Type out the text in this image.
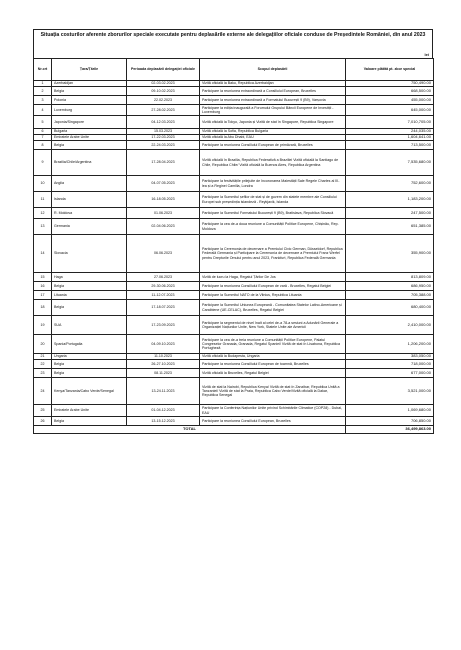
Situația costurilor aferente zborurilor speciale executate pentru deplasările externe ale delegațiilor oficiale conduse de Președintele României, din anul 2023
lei
Nr.crt	Țara/Țările	Perioada deplasării delegației oficiale	Scopul deplasării	Valoare plătită pt. zbor special
1	Azerbaidjan	02-03.02.2023	Vizită oficială la Baku, Republica Azerbaidjan	750,490.00
2	Belgia	09-10.02.2023	Participare la reuniunea extraordinară a Consiliului European, Bruxelles	668,500.00
3	Polonia	22.02.2023	Participare la reuniunea extraordinară a Formatului București 9 (B9), Varșovia	455,000.00
4	Luxemburg	27-28.02.2023	Participare la ediția inaugurală a Forumului Grupului Băncii Europene de Investiții - Luxemburg	645,000.00
5	Japonia/Singapore	04-12.03.2023	Vizită oficială la Tokyo, Japonia și Vizită de stat în Singapore, Republica Singapore	7,010,705.00
6	Bulgaria	15.03.2023	Vizită oficială la Sofia, Republica Bulgaria	244,035.00
7	Emiratele Arabe Unite	17-22.03.2023	Vizită oficială la Abu Dhabi, EAU	1,604,641.00
8	Belgia	22-24.03.2023	Participare la reuniunea Consiliului European de primăvară, Bruxelles	713,500.00
9	Brazilia/Chile/Argentina	17-28.04.2023	Vizită oficială în Brazilia, Republica Federativă a Braziliei Vizită oficială la Santiago de Chile, Republica Chile/ Vizită oficială la Buenos Aires, Republica Argentina	7,535,680.00
10	Anglia	04-07.05.2023	Participare la festivitățile prilejuite de încoronarea Maiestății Sale Regele Charles al III-lea și a Reginei Camilla, Londra	752,600.00
11	Islanda	16-18.05.2023	Participare la Summitul șefilor de stat și de guvern din statele membre ale Consiliului Europei sub președinția islandeză - Reykjavik, Islanda	1,183,200.00
12	R. Moldova	01.06.2023	Participare la Summitul Formatului București 9 (B9), Bratislava, Republica Slovacă	247,500.00
13	Germania	02-04.06.2023	Participare la cea de-a doua reuniune a Comunității Politice Europene, Chișinău, Rep. Moldova	651,385.00
14	Slovacia	06.06.2023	Participare la Ceremonia de decernare a Premiului Civic German, Düsseldorf, Republica Federală Germania și Participare la Ceremonia de decernare a Premiului Franz Werfel pentru Drepturile Omului pentru anul 2023, Frankfurt, Republica Federală Germania	355,900.00
15	Haga	27.06.2023	Vizită de lucru la Haga, Regatul Țărilor De Jos	813,809.00
16	Belgia	29-30.06.2023	Participare la reuniunea Consiliului European de vară - Bruxelles, Regatul Belgiei	686,950.00
17	Lituania	11-12.07.2023	Participare la Summitul NATO de la Vilnius, Republica Lituania	705,388.00
18	Belgia	17-18.07.2023	Participare la Summitul Uniunea Europeană - Comunitatea Statelor Latino-Americane și Caraibiene (UE-CELAC), Bruxelles, Regatul Belgiei	680,400.00
19	SUA	17-23.09.2023	Participare la segmentul de nivel înalt al celei de-a 78-a sesiuni a Adunării Generale a Organizației Națiunilor Unite, New York, Statele Unite ale Americii	2,410,000.00
20	Spania/Portugalia	04-09.10.2023	Participare la cea de-a treia reuniune a Comunității Politice Europene, Palatul Congreselor Granada, Granada, Regatul Spaniei/ Vizită de stat în Lisabona, Republica Portugheză	1,206,200.00
21	Ungaria	11.10.2023	Vizită oficială la Budapesta, Ungaria	383,050.00
22	Belgia	26-27.10.2023	Participare la reuniunea Consiliului European de toamnă, Bruxelles	718,000.00
23	Belgia	08.11.2023	Vizită oficială la Bruxelles, Regatul Belgiei	677,000.00
24	Kenya/Tanzania/Cabo Verde/Senegal	13-24.11.2023	Vizită de stat la Nairobi, Republica Kenya/ Vizită de stat în Zanzibar, Republica Unită a Tanzaniei/ Vizită de stat la Praia, Republica Cabo Verde/Vizită oficială la Dakar, Republica Senegal	3,521,000.00
25	Emiratele Arabe Unite	01-04.12.2023	Participare la Conferința Națiunilor Unite privind Schimbările Climatice (COP28) - Dubai, EAU	1,069,680.00
26	Belgia	13-15.12.2023	Participare la reuniunea Consiliului European, Bruxelles	706,850.00
TOTAL				36,499,863.00
